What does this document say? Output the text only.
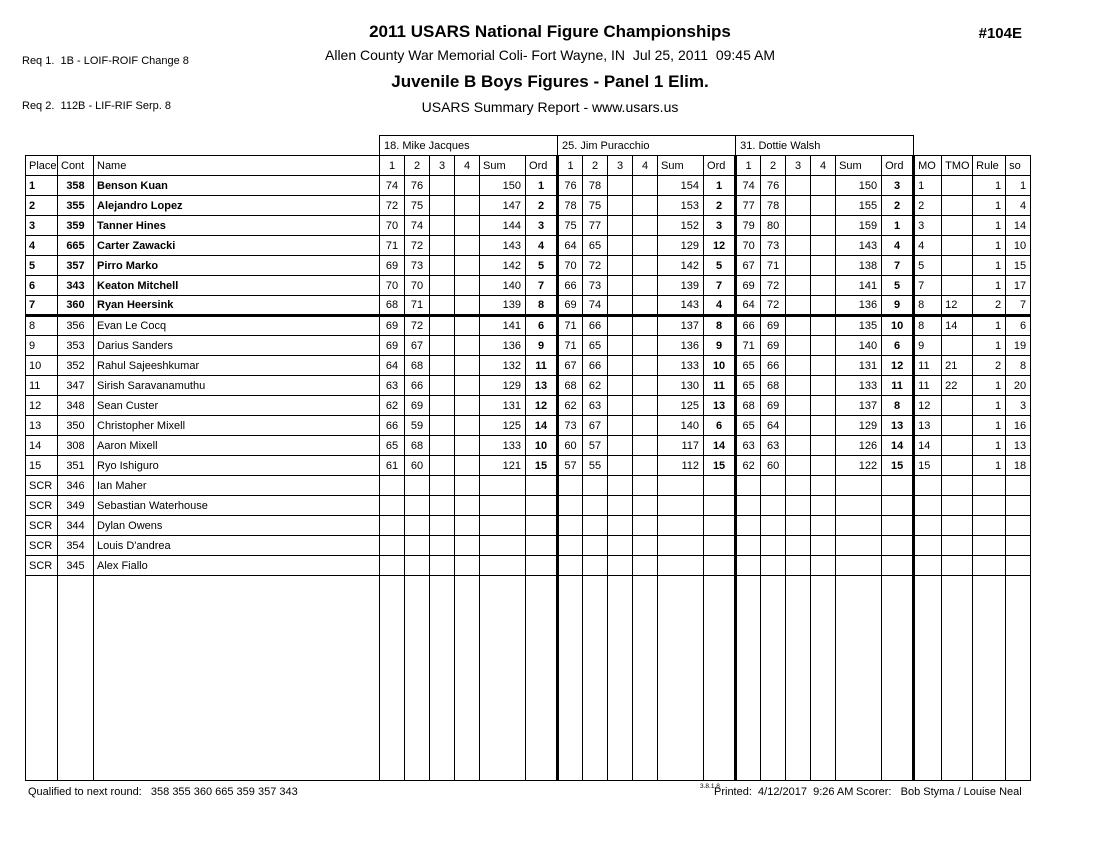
Req 1.  1B - LOIF-ROIF Change 8

Req 2.  112B - LIF-RIF Serp. 8

2011 USARS National Figure Championships
Allen County War Memorial Coli- Fort Wayne, IN  Jul 25, 2011  09:45 AM
Juvenile B Boys Figures - Panel 1 Elim.
USARS Summary Report - www.usars.us
#104E
			18. Mike Jacques						25. Jim Puracchio						31. Dottie Walsh									
Place	Cont	Name	1	2	3	4	Sum	Ord	1	2	3	4	Sum	Ord	1	2	3	4	Sum	Ord	MO	TMO	Rule	so
1	358	Benson Kuan	74	76			150	1	76	78			154	1	74	76			150	3	1		1	1
2	355	Alejandro Lopez	72	75			147	2	78	75			153	2	77	78			155	2	2		1	4
3	359	Tanner Hines	70	74			144	3	75	77			152	3	79	80			159	1	3		1	14
4	665	Carter Zawacki	71	72			143	4	64	65			129	12	70	73			143	4	4		1	10
5	357	Pirro Marko	69	73			142	5	70	72			142	5	67	71			138	7	5		1	15
6	343	Keaton Mitchell	70	70			140	7	66	73			139	7	69	72			141	5	7		1	17
7	360	Ryan Heersink	68	71			139	8	69	74			143	4	64	72			136	9	8	12	2	7
8	356	Evan Le Cocq	69	72			141	6	71	66			137	8	66	69			135	10	8	14	1	6
9	353	Darius Sanders	69	67			136	9	71	65			136	9	71	69			140	6	9		1	19
10	352	Rahul Sajeeshkumar	64	68			132	11	67	66			133	10	65	66			131	12	11	21	2	8
11	347	Sirish Saravanamuthu	63	66			129	13	68	62			130	11	65	68			133	11	11	22	1	20
12	348	Sean Custer	62	69			131	12	62	63			125	13	68	69			137	8	12		1	3
13	350	Christopher Mixell	66	59			125	14	73	67			140	6	65	64			129	13	13		1	16
14	308	Aaron Mixell	65	68			133	10	60	57			117	14	63	63			126	14	14		1	13
15	351	Ryo Ishiguro	61	60			121	15	57	55			112	15	62	60			122	15	15		1	18
SCR	346	Ian Maher																						
SCR	349	Sebastian Waterhouse																						
SCR	344	Dylan Owens																						
SCR	354	Louis D'andrea																						
SCR	345	Alex Fiallo																						

Qualified to next round:   358 355 360 665 359 357 343	3.8.1.8
Printed:  4/12/2017  9:26 AM Scorer:   Bob Styma / Louise Neal
